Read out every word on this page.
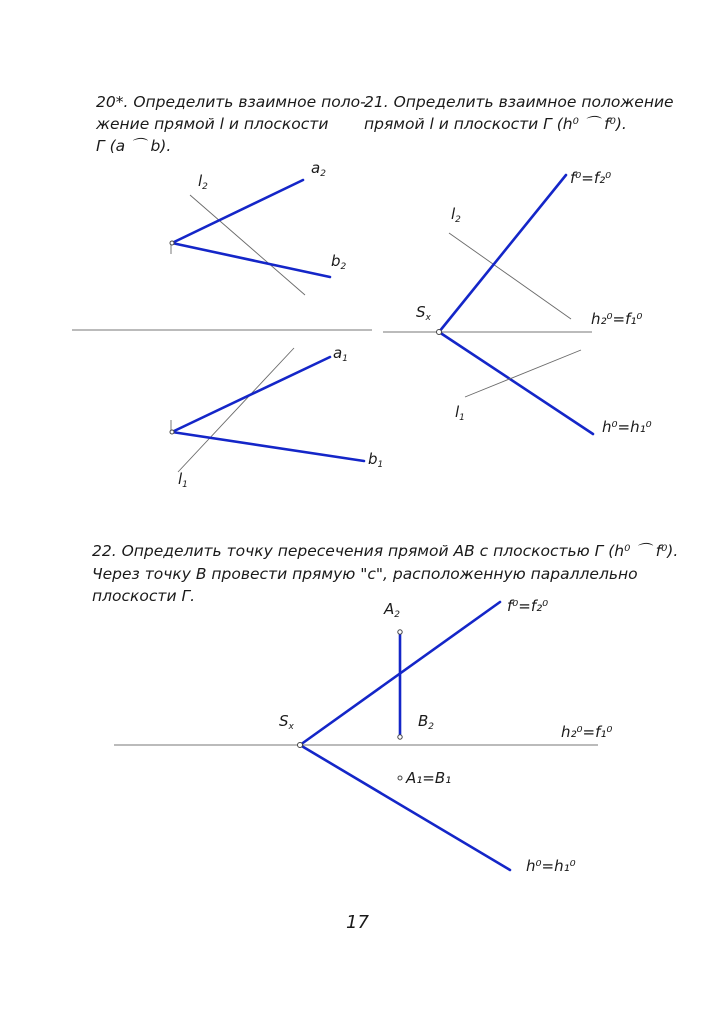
20*. Определить взаимное поло-
жение прямой l и плоскости
Г (a ⌒ b).
$l_2$
$a_2$
$b_2$
$a_1$
$b_1$
$l_1$
21. Определить взаимное положение
прямой l и плоскости Г (h⁰ ⌒ f⁰).
f⁰=f₂⁰
$l_2$
$S_x$	h₂⁰=f₁⁰
$l_1$	h⁰=h₁⁰
22. Определить точку пересечения прямой AB с плоскостью Г (h⁰ ⌒ f⁰).
Через точку B провести прямую "c", расположенную параллельно
плоскости Г.
$A_2$	f⁰=f₂⁰
$S_x$	$B_2$	h₂⁰=f₁⁰
A₁=B₁
h⁰=h₁⁰
17
